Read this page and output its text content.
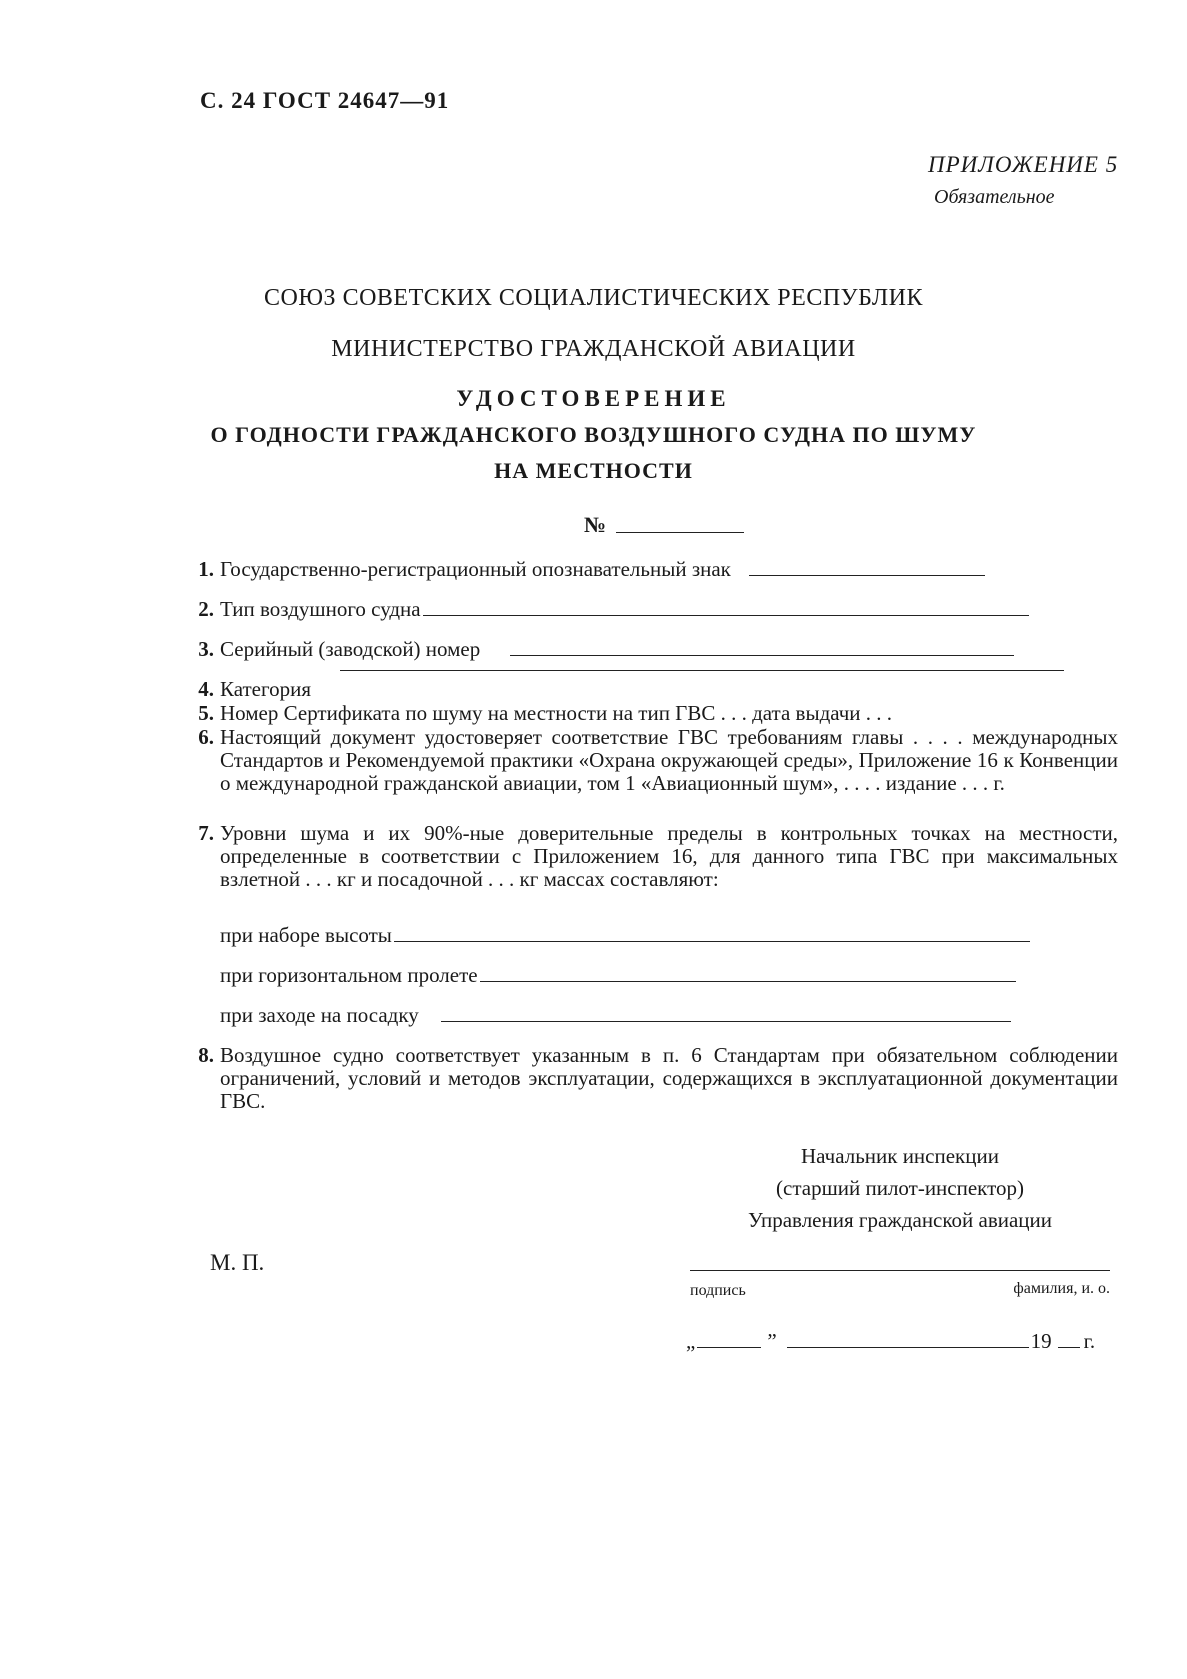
С. 24 ГОСТ 24647—91
ПРИЛОЖЕНИЕ 5
Обязательное
СОЮЗ СОВЕТСКИХ СОЦИАЛИСТИЧЕСКИХ РЕСПУБЛИК
МИНИСТЕРСТВО ГРАЖДАНСКОЙ АВИАЦИИ
УДОСТОВЕРЕНИЕ
О ГОДНОСТИ ГРАЖДАНСКОГО ВОЗДУШНОГО СУДНА ПО ШУМУ
НА МЕСТНОСТИ
№
1. Государственно-регистрационный опознавательный знак
2. Тип воздушного судна
3. Серийный (заводской) номер
4. Категория
5. Номер Сертификата по шуму на местности на тип ГВС . . . дата выдачи . . .
6. Настоящий документ удостоверяет соответствие ГВС требованиям главы . . . . международных Стандартов и Рекомендуемой практики «Охрана окружающей среды», Приложение 16 к Конвенции о международной гражданской авиации, том 1 «Авиационный шум», . . . . издание . . . г.
7. Уровни шума и их 90%-ные доверительные пределы в контрольных точках на местности, определенные в соответствии с Приложением 16, для данного типа ГВС при максимальных взлетной . . . кг и посадочной . . . кг массах составляют:
при наборе высоты
при горизонтальном пролете
при заходе на посадку
8. Воздушное судно соответствует указанным в п. 6 Стандартам при обязательном соблюдении ограничений, условий и методов эксплуатации, содержащихся в эксплуатационной документации ГВС.
Начальник инспекции
(старший пилот-инспектор)
Управления гражданской авиации
М. П.
подпись	фамилия, и. о.
„	”	19 г.
